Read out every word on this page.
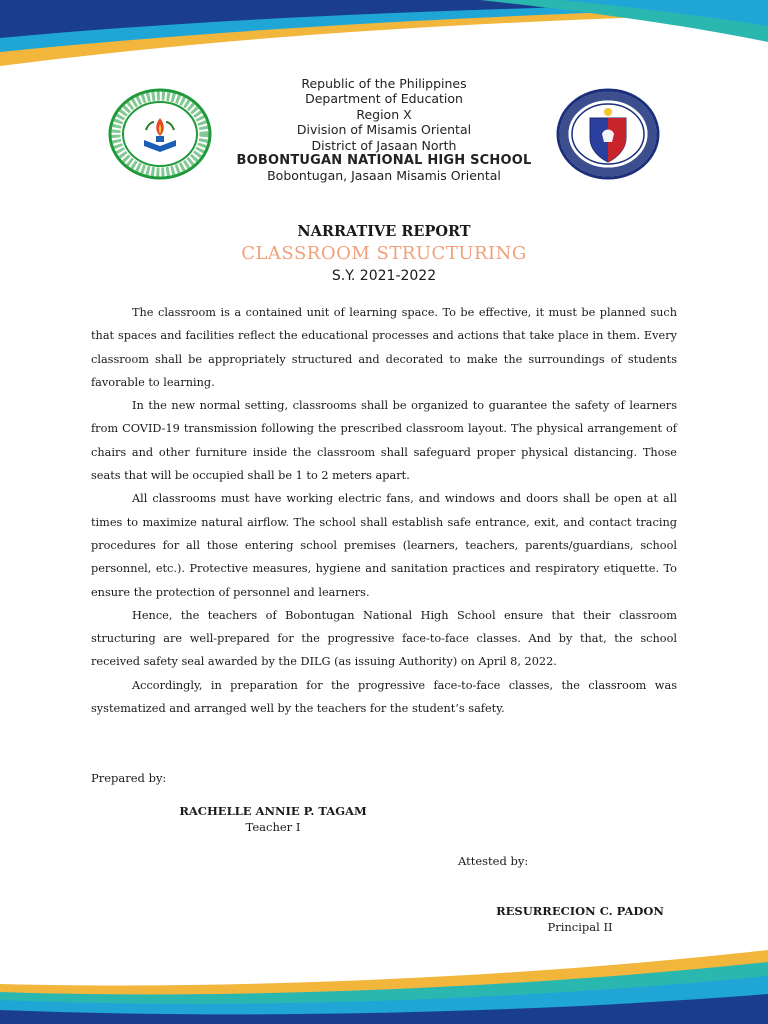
Republic of the Philippines
Department of Education
Region X
Division of Misamis Oriental
District of Jasaan North
BOBONTUGAN NATIONAL HIGH SCHOOL
Bobontugan, Jasaan Misamis Oriental
NARRATIVE REPORT
CLASSROOM STRUCTURING
S.Y. 2021-2022

The classroom is a contained unit of learning space. To be effective, it must be planned such that spaces and facilities reflect the educational processes and actions that take place in them. Every classroom shall be appropriately structured and decorated to make the surroundings of students favorable to learning.

In the new normal setting, classrooms shall be organized to guarantee the safety of learners from COVID-19 transmission following the prescribed classroom layout. The physical arrangement of chairs and other furniture inside the classroom shall safeguard proper physical distancing. Those seats that will be occupied shall be 1 to 2 meters apart.

All classrooms must have working electric fans, and windows and doors shall be open at all times to maximize natural airflow. The school shall establish safe entrance, exit, and contact tracing procedures for all those entering school premises (learners, teachers, parents/guardians, school personnel, etc.). Protective measures, hygiene and sanitation practices and respiratory etiquette. To ensure the protection of personnel and learners.

Hence, the teachers of Bobontugan National High School ensure that their classroom structuring are well-prepared for the progressive face-to-face classes. And by that, the school received safety seal awarded by the DILG (as issuing Authority) on April 8, 2022.

Accordingly, in preparation for the progressive face-to-face classes, the classroom was systematized and arranged well by the teachers for the student’s safety.

Prepared by:
RACHELLE ANNIE P. TAGAM
Teacher I
Attested by:
RESURRECION C. PADON
Principal II
